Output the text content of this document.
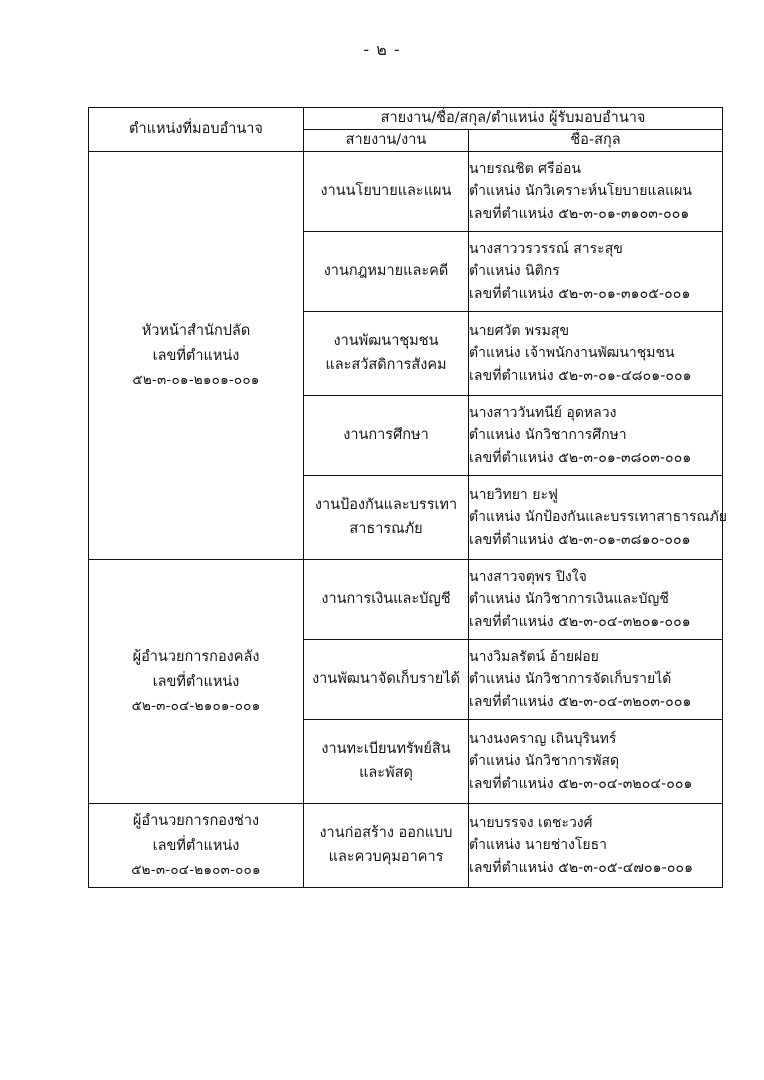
- ๒ -
ตำแหน่งที่มอบอำนาจ	สายงาน/ชื่อ/สกุล/ตำแหน่ง ผู้รับมอบอำนาจ	
	สายงาน/งาน	ชื่อ-สกุล

หัวหน้าสำนักปลัด
เลขที่ตำแหน่ง
๕๒-๓-๐๑-๒๑๐๑-๐๐๑	งานนโยบายและแผน	นายรณชิต ศรีอ่อน
ตำแหน่ง นักวิเคราะห์นโยบายแลแผน
เลขที่ตำแหน่ง ๕๒-๓-๐๑-๓๑๐๓-๐๐๑

	งานกฎหมายและคดี	นางสาววรวรรณ์ สาระสุข
ตำแหน่ง นิติกร
เลขที่ตำแหน่ง ๕๒-๓-๐๑-๓๑๐๕-๐๐๑

	งานพัฒนาชุมชน
และสวัสดิการสังคม	นายศวัต พรมสุข
ตำแหน่ง เจ้าพนักงานพัฒนาชุมชน
เลขที่ตำแหน่ง ๕๒-๓-๐๑-๔๘๐๑-๐๐๑

	งานการศึกษา	นางสาววันทนีย์ อุดหลวง
ตำแหน่ง นักวิชาการศึกษา
เลขที่ตำแหน่ง ๕๒-๓-๐๑-๓๘๐๓-๐๐๑

	งานป้องกันและบรรเทา
สาธารณภัย	นายวิทยา ยะฟู
ตำแหน่ง นักป้องกันและบรรเทาสาธารณภัย
เลขที่ตำแหน่ง ๕๒-๓-๐๑-๓๘๑๐-๐๐๑

ผู้อำนวยการกองคลัง
เลขที่ตำแหน่ง
๕๒-๓-๐๔-๒๑๐๑-๐๐๑	งานการเงินและบัญชี	นางสาวจตุพร ปิงใจ
ตำแหน่ง นักวิชาการเงินและบัญชี
เลขที่ตำแหน่ง ๕๒-๓-๐๔-๓๒๐๑-๐๐๑

	งานพัฒนาจัดเก็บรายได้	นางวิมลรัตน์ อ้ายฝอย
ตำแหน่ง นักวิชาการจัดเก็บรายได้
เลขที่ตำแหน่ง ๕๒-๓-๐๔-๓๒๐๓-๐๐๑

	งานทะเบียนทรัพย์สิน
และพัสดุ	นางนงคราญ เถินบุรินทร์
ตำแหน่ง นักวิชาการพัสดุ
เลขที่ตำแหน่ง ๕๒-๓-๐๔-๓๒๐๔-๐๐๑

ผู้อำนวยการกองช่าง
เลขที่ตำแหน่ง
๕๒-๓-๐๔-๒๑๐๓-๐๐๑	งานก่อสร้าง ออกแบบ
และควบคุมอาคาร	นายบรรจง เตชะวงศ์
ตำแหน่ง นายช่างโยธา
เลขที่ตำแหน่ง ๕๒-๓-๐๕-๔๗๐๑-๐๐๑
